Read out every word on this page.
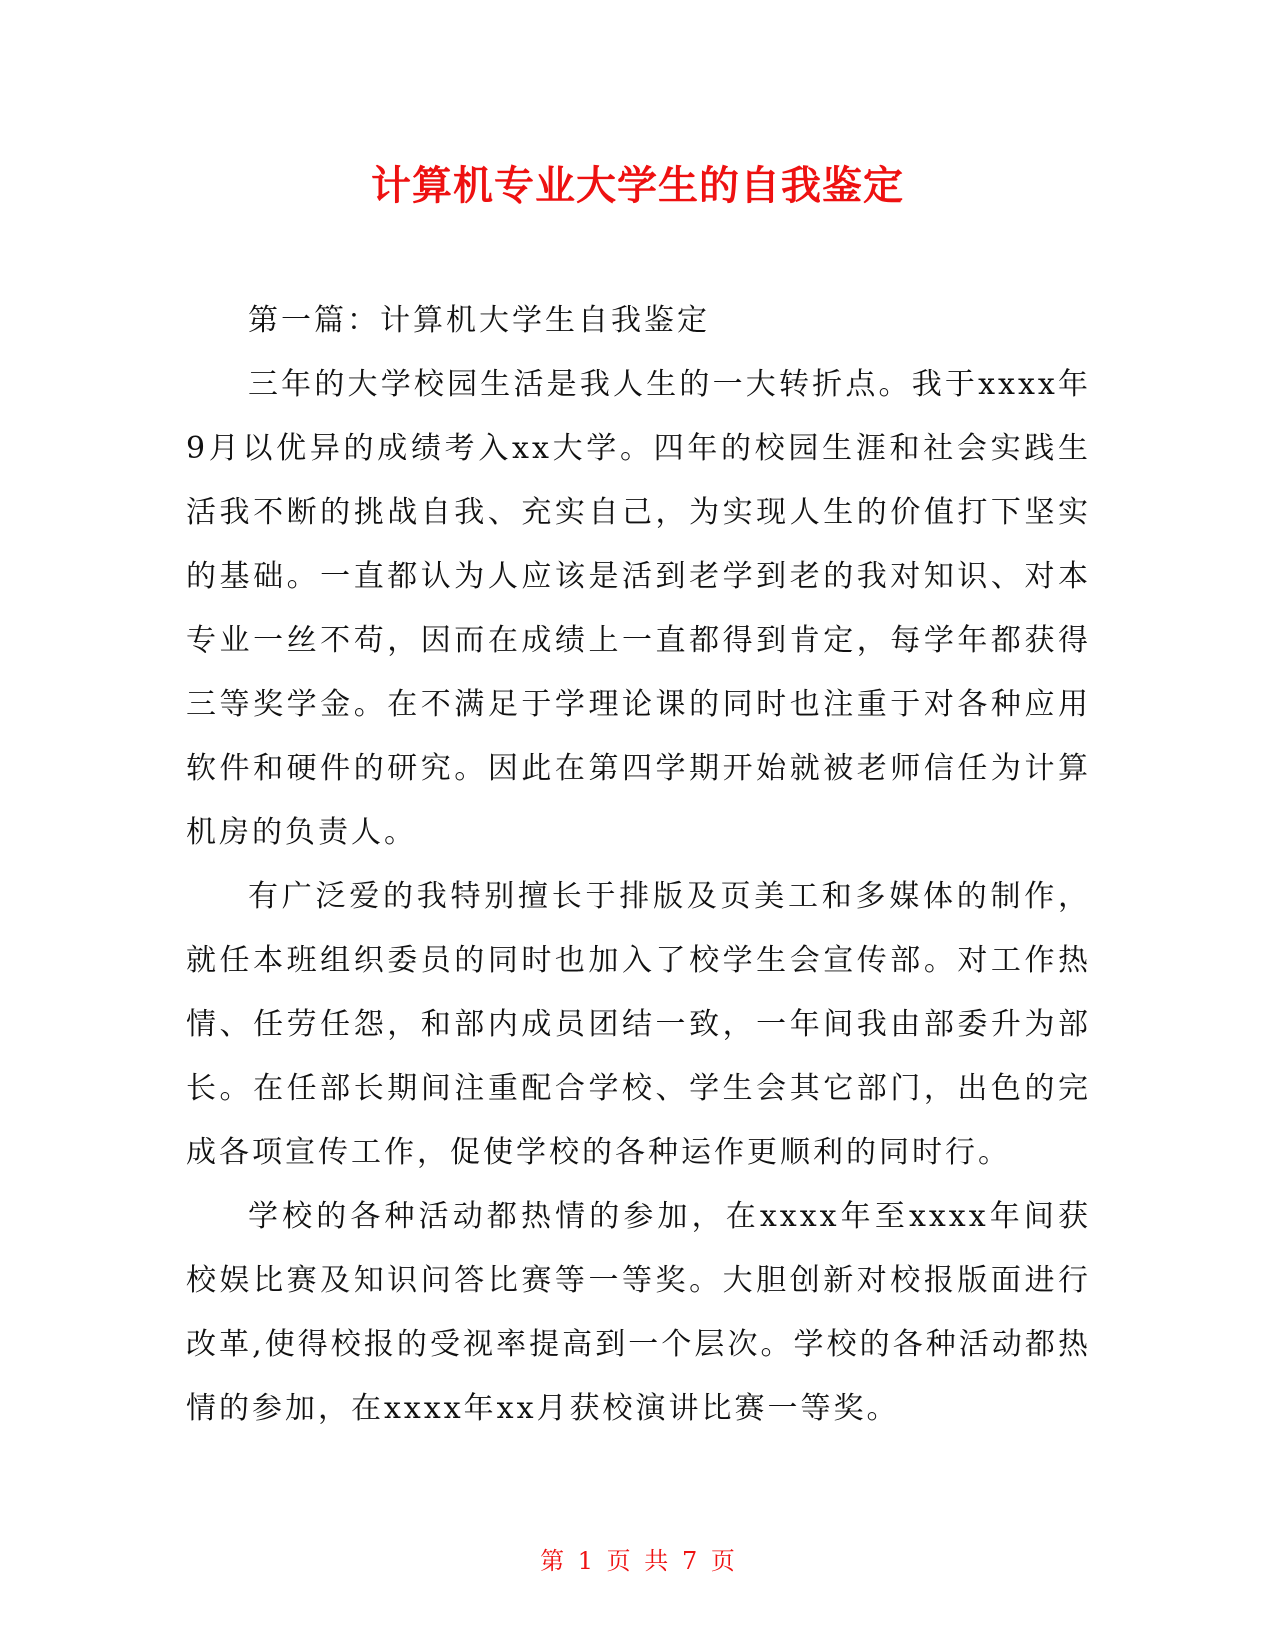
计算机专业大学生的自我鉴定

第一篇：计算机大学生自我鉴定

三年的大学校园生活是我人生的一大转折点。我于xxxx年9月以优异的成绩考入xx大学。四年的校园生涯和社会实践生活我不断的挑战自我、充实自己，为实现人生的价值打下坚实的基础。一直都认为人应该是活到老学到老的我对知识、对本专业一丝不苟，因而在成绩上一直都得到肯定，每学年都获得三等奖学金。在不满足于学理论课的同时也注重于对各种应用软件和硬件的研究。因此在第四学期开始就被老师信任为计算机房的负责人。

有广泛爱的我特别擅长于排版及页美工和多媒体的制作，就任本班组织委员的同时也加入了校学生会宣传部。对工作热情、任劳任怨，和部内成员团结一致，一年间我由部委升为部长。在任部长期间注重配合学校、学生会其它部门，出色的完成各项宣传工作，促使学校的各种运作更顺利的同时行。

学校的各种活动都热情的参加，在xxxx年至xxxx年间获校娱比赛及知识问答比赛等一等奖。大胆创新对校报版面进行改革,使得校报的受视率提高到一个层次。学校的各种活动都热情的参加，在xxxx年xx月获校演讲比赛一等奖。

第 1 页 共 7 页
